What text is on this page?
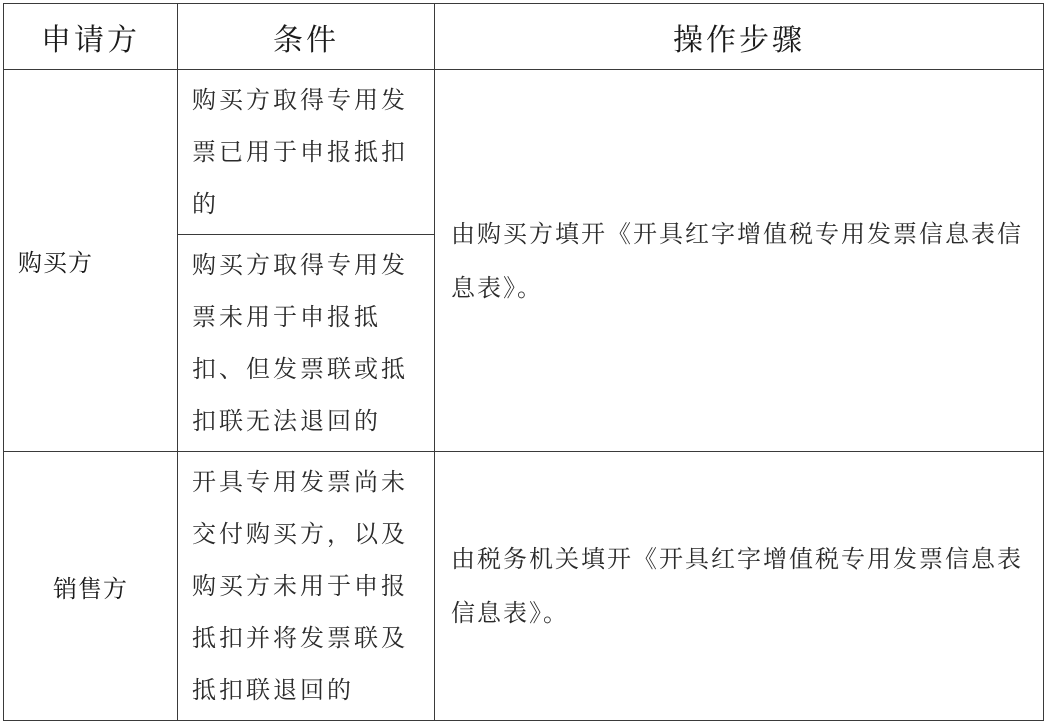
申请方	条件	操作步骤
购买方	购买方取得专用发票已用于申报抵扣的	由购买方填开《开具红字增值税专用发票信息表信息表》。
	购买方取得专用发票未用于申报抵扣、但发票联或抵扣联无法退回的	
销售方	开具专用发票尚未交付购买方，以及购买方未用于申报抵扣并将发票联及抵扣联退回的	由税务机关填开《开具红字增值税专用发票信息表信息表》。
